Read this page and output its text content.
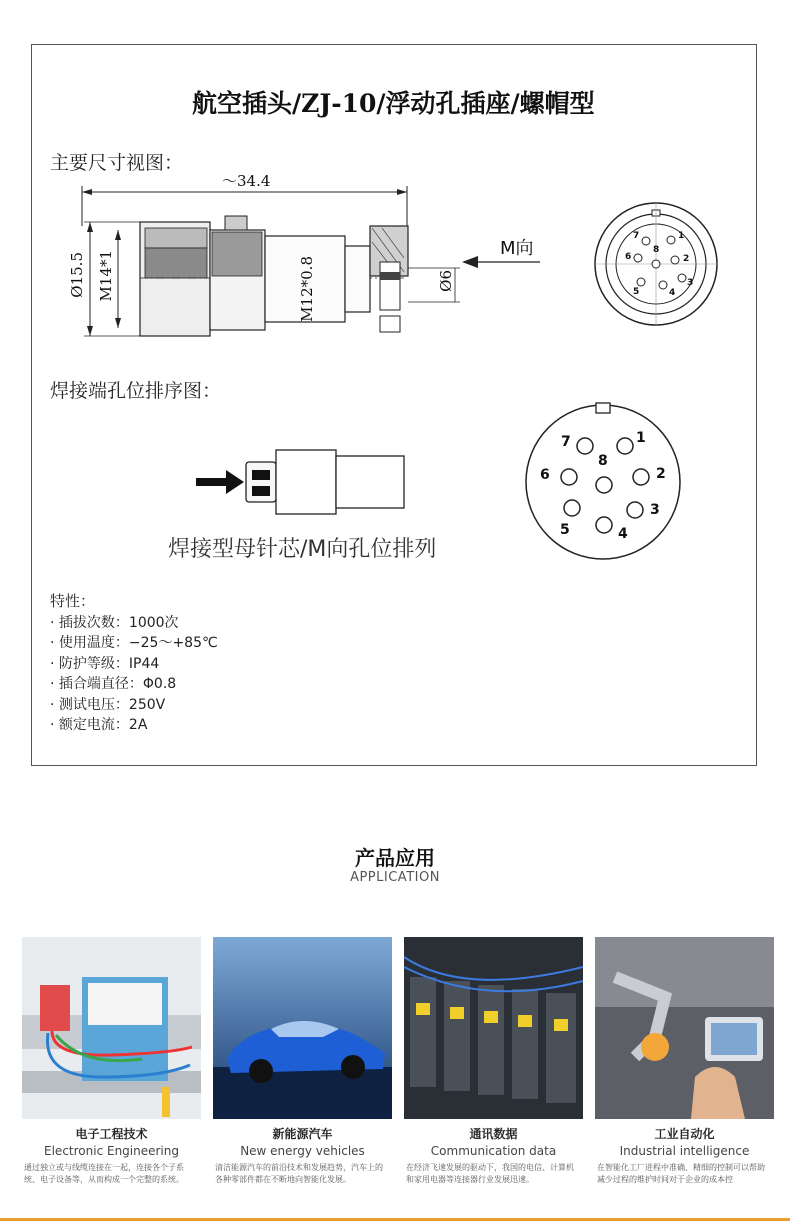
航空插头/ZJ-10/浮动孔插座/螺帽型
主要尺寸视图：
～34.4
Ø15.5 M14*1	M12*0.8	Ø6
M向
7	1
6	2
8
3
5	4
焊接端孔位排序图：
7	1
8
6	2
3
5	4
焊接型母针芯/M向孔位排列
特性：
· 插拔次数：1000次
· 使用温度：−25～+85℃
· 防护等级：IP44
· 插合端直径：Φ0.8
· 测试电压：250V
· 额定电流：2A
产品应用
APPLICATION
电子工程技术
Electronic Engineering
通过独立或与线缆连接在一起，连接各个子系统、电子设备等，从而构成一个完整的系统。
新能源汽车
New energy vehicles
清洁能源汽车的前沿技术和发展趋势，汽车上的各种零部件都在不断地向智能化发展。
通讯数据
Communication data
在经济飞速发展的驱动下，我国的电信、计算机和家用电器等连接器行业发展迅速。
工业自动化
Industrial intelligence
在智能化工厂进程中准确、精细的控制可以帮助减少过程的维护时间对于企业的成本控
